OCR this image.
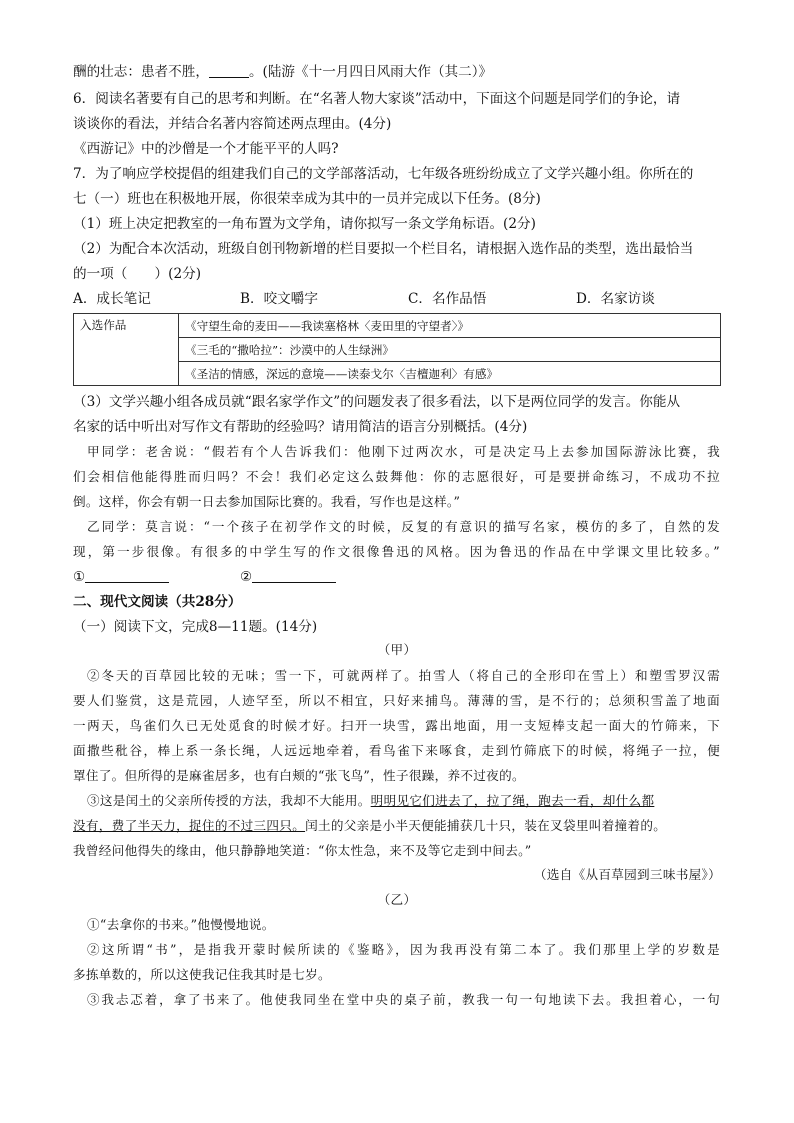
酬的壮志：患者不胜，	。(陆游《十一月四日风雨大作（其二）》
6．阅读名著要有自己的思考和判断。在“名著人物大家谈”活动中，下面这个问题是同学们的争论，请
谈谈你的看法，并结合名著内容简述两点理由。(4分)
《西游记》中的沙僧是一个才能平平的人吗?
7．为了响应学校提倡的组建我们自己的文学部落活动，七年级各班纷纷成立了文学兴趣小组。你所在的
七（一）班也在积极地开展，你很荣幸成为其中的一员并完成以下任务。(8分)
（1）班上决定把教室的一角布置为文学角，请你拟写一条文学角标语。(2分)
（2）为配合本次活动，班级自创刊物新增的栏目要拟一个栏目名，请根据入选作品的类型，选出最恰当
的一项（　　）(2分)
A．成长笔记	B．咬文嚼字	C．名作品悟	D．名家访谈
入选作品	《守望生命的麦田——我读塞格林〈麦田里的守望者〉》
《三毛的“撒哈拉”：沙漠中的人生绿洲》
《圣洁的情感，深远的意境——读泰戈尔〈吉檀迦利〉有感》
（3）文学兴趣小组各成员就“跟名家学作文”的问题发表了很多看法，以下是两位同学的发言。你能从
名家的话中听出对写作文有帮助的经验吗？请用简洁的语言分别概括。(4分)
甲同学：老舍说：“假若有个人告诉我们：他刚下过两次水，可是决定马上去参加国际游泳比赛，我
们会相信他能得胜而归吗？不会！我们必定这么鼓舞他：你的志愿很好，可是要拼命练习，不成功不拉
倒。这样，你会有朝一日去参加国际比赛的。我看，写作也是这样。”
乙同学：莫言说：“一个孩子在初学作文的时候，反复的有意识的描写名家，模仿的多了，自然的发
现，第一步很像。有很多的中学生写的作文很像鲁迅的风格。因为鲁迅的作品在中学课文里比较多。”
①	②
二、现代文阅读（共28分）
（一）阅读下文，完成8—11题。(14分)
（甲）
②冬天的百草园比较的无味；雪一下，可就两样了。拍雪人（将自己的全形印在雪上）和塑雪罗汉需
要人们鉴赏，这是荒园，人迹罕至，所以不相宜，只好来捕鸟。薄薄的雪，是不行的；总须积雪盖了地面
一两天，鸟雀们久已无处觅食的时候才好。扫开一块雪，露出地面，用一支短棒支起一面大的竹筛来，下
面撒些秕谷，棒上系一条长绳，人远远地牵着，看鸟雀下来啄食，走到竹筛底下的时候，将绳子一拉，便
罩住了。但所得的是麻雀居多，也有白颊的“张飞鸟”，性子很躁，养不过夜的。
③这是闰土的父亲所传授的方法，我却不大能用。明明见它们进去了，拉了绳，跑去一看，却什么都
没有，费了半天力，捉住的不过三四只。闰土的父亲是小半天便能捕获几十只，装在叉袋里叫着撞着的。
我曾经问他得失的缘由，他只静静地笑道：“你太性急，来不及等它走到中间去。”
（选自《从百草园到三味书屋》）
（乙）
①“去拿你的书来。”他慢慢地说。
②这所谓“书”，是指我开蒙时候所读的《鉴略》，因为我再没有第二本了。我们那里上学的岁数是
多拣单数的，所以这使我记住我其时是七岁。
③我忐忑着，拿了书来了。他使我同坐在堂中央的桌子前，教我一句一句地读下去。我担着心，一句
